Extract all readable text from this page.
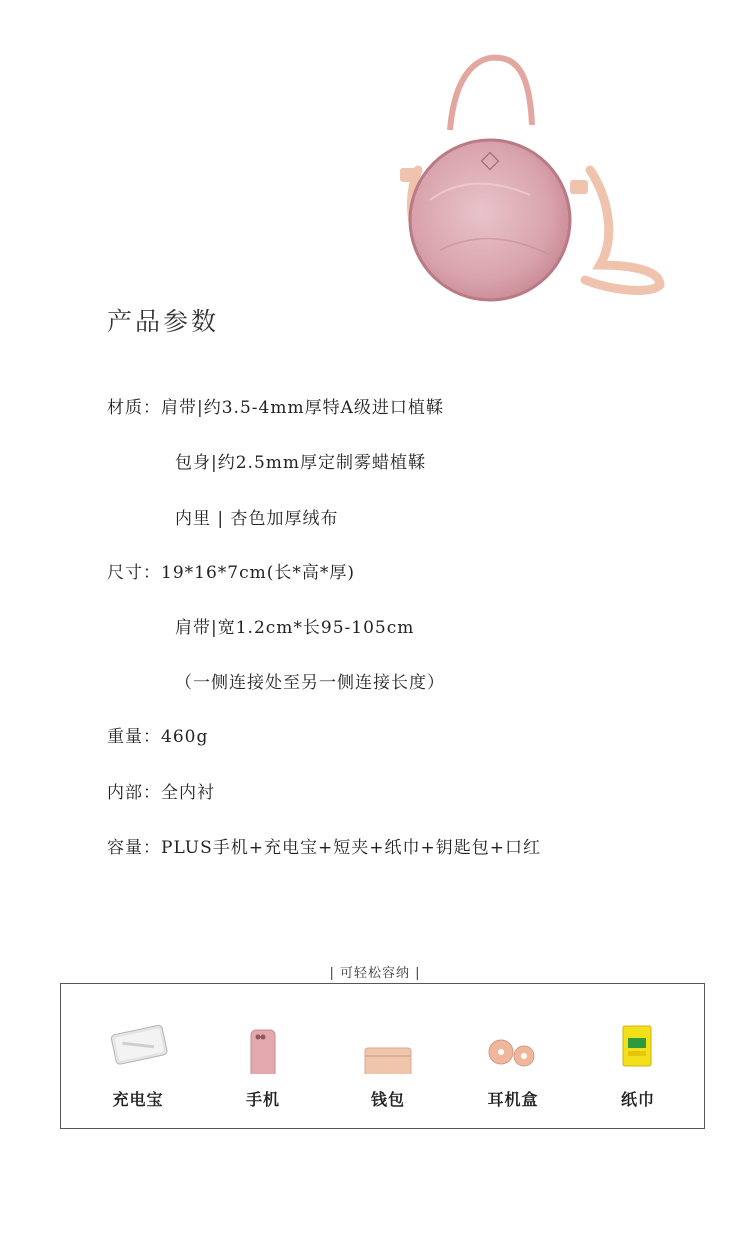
产品参数
材质：肩带|约3.5-4mm厚特A级进口植鞣
包身|约2.5mm厚定制雾蜡植鞣
内里 | 杏色加厚绒布
尺寸：19*16*7cm(长*高*厚)
肩带|宽1.2cm*长95-105cm
（一侧连接处至另一侧连接长度）
重量：460g
内部：全内衬
容量：PLUS手机+充电宝+短夹+纸巾+钥匙包+口红
| 可轻松容纳 |
充电宝	手机	钱包	耳机盒	纸巾
